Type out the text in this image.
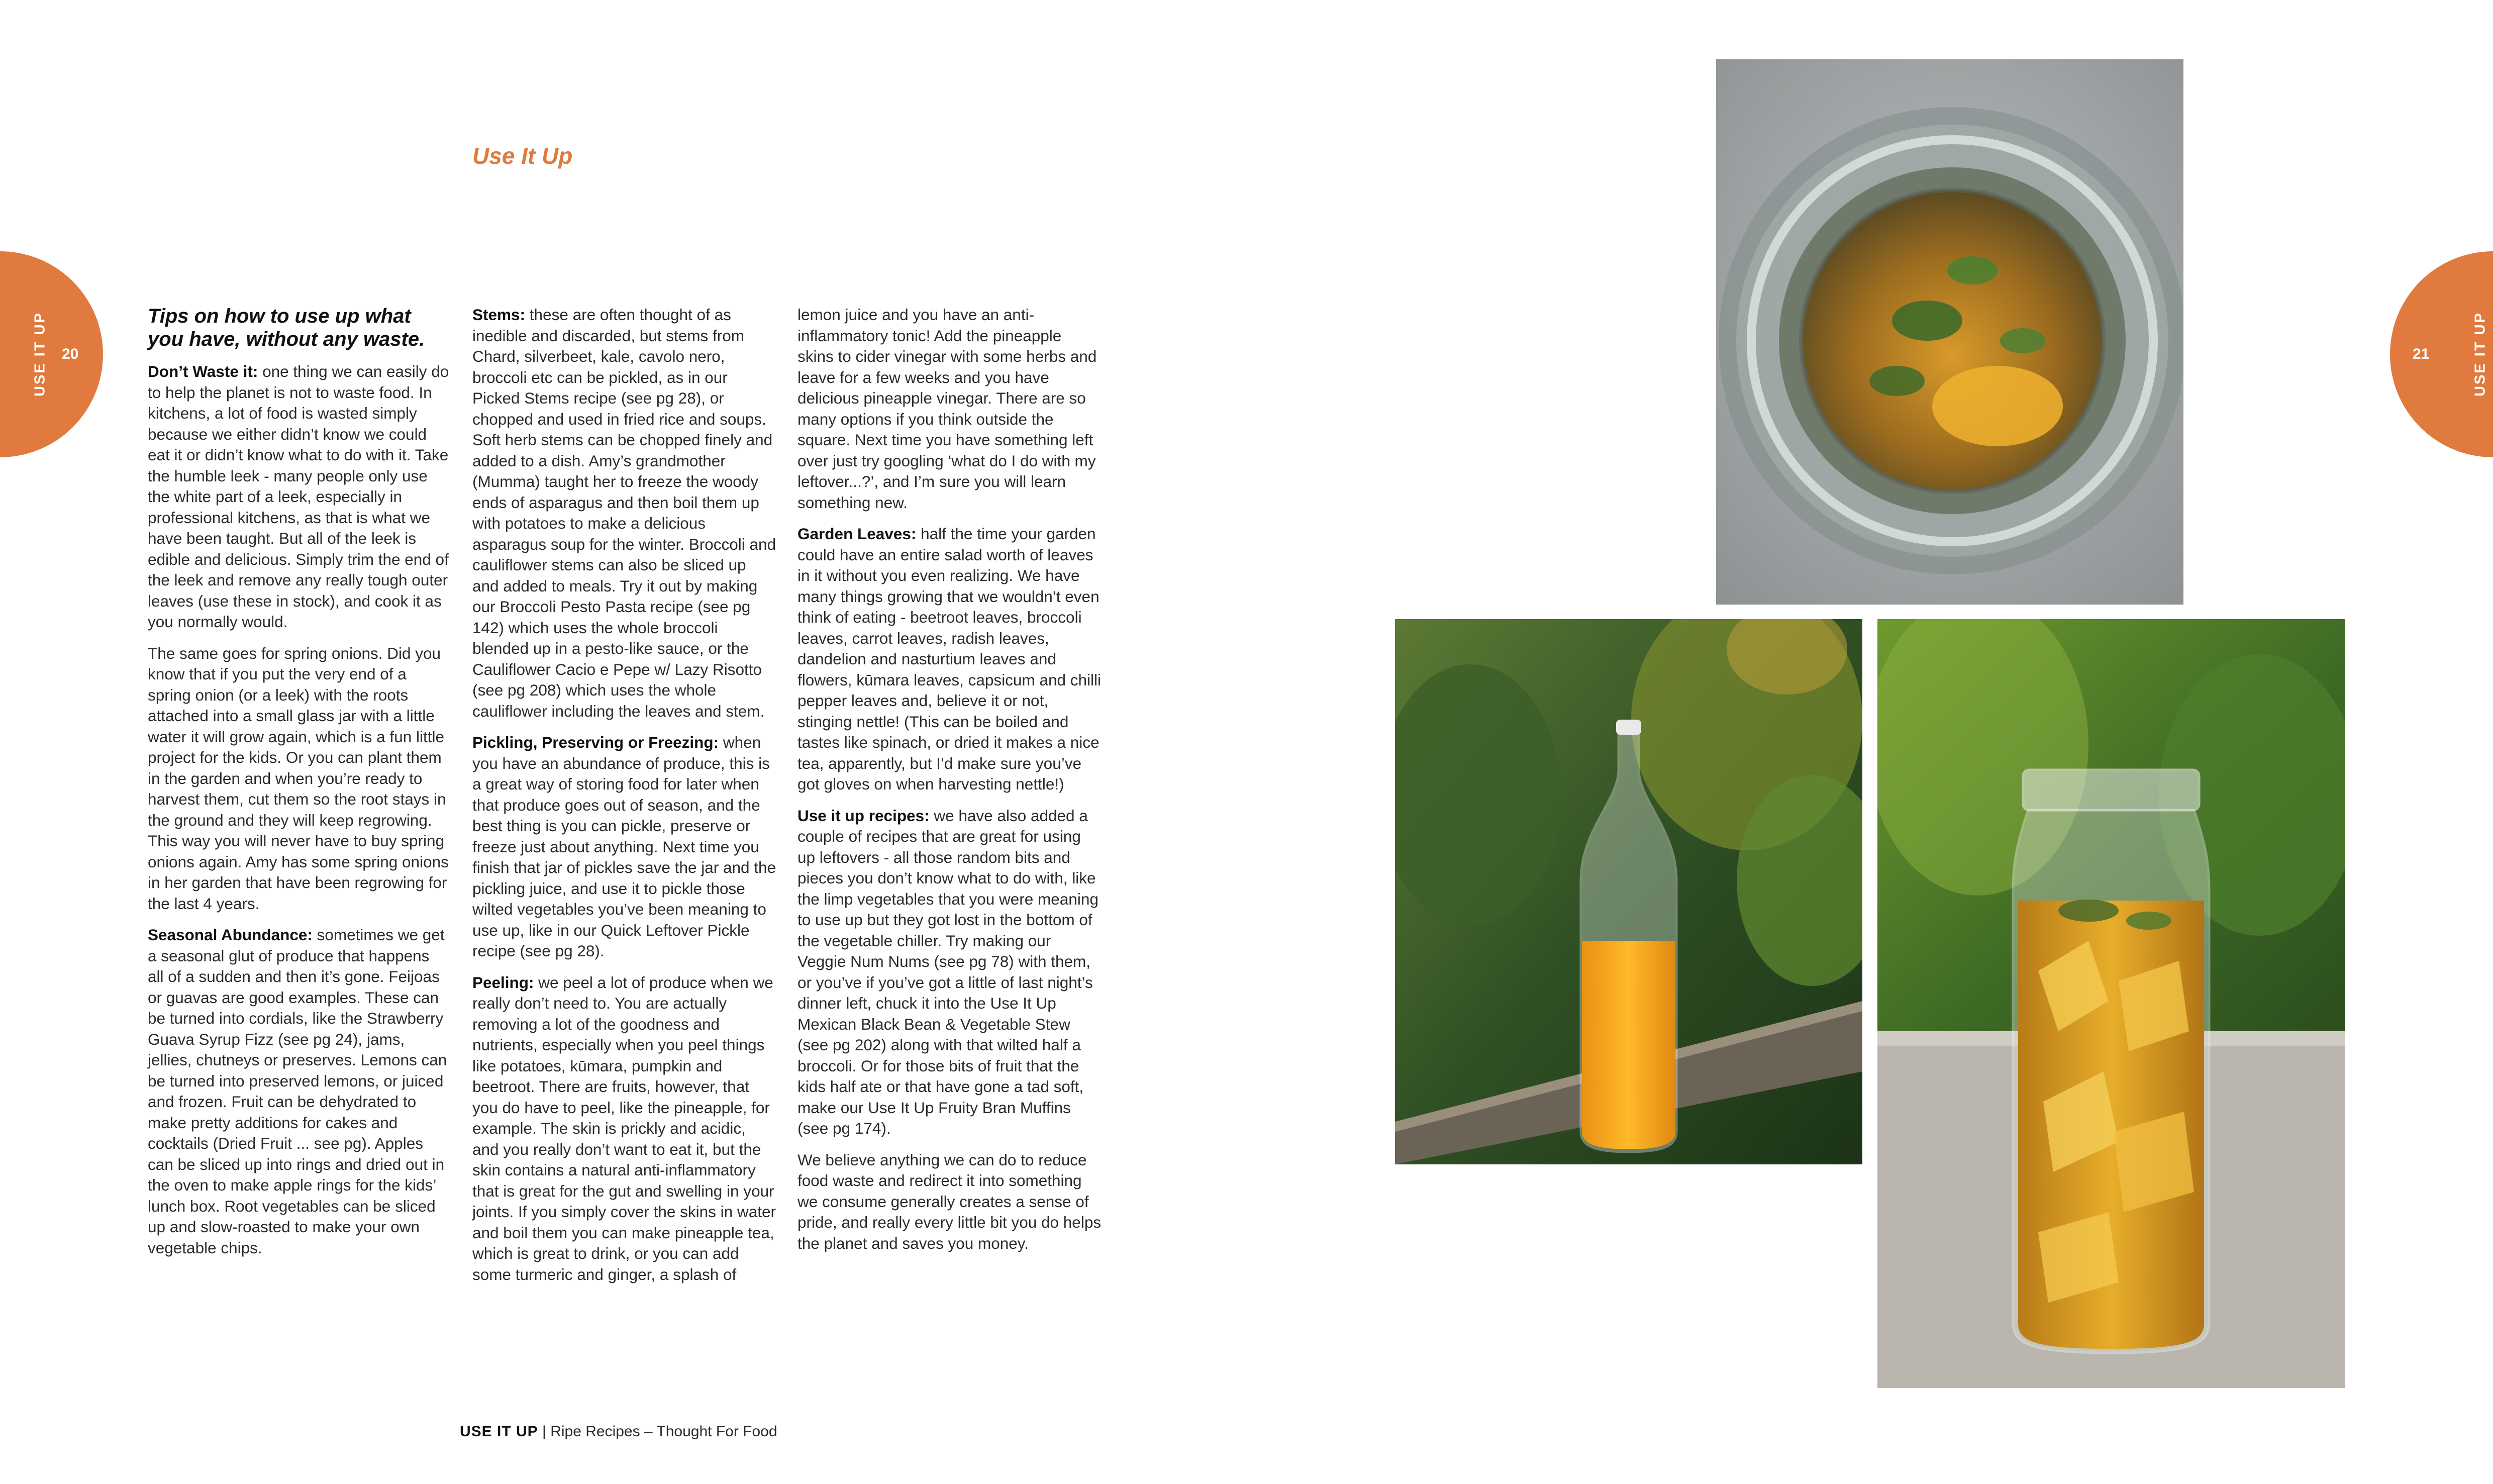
USE IT UP 20	21	USE IT UP
Use It Up

Tips on how to use up what you have, without any waste.

Don’t Waste it: one thing we can easily do to help the planet is not to waste food. In kitchens, a lot of food is wasted simply because we either didn’t know we could eat it or didn’t know what to do with it. Take the humble leek - many people only use the white part of a leek, especially in professional kitchens, as that is what we have been taught. But all of the leek is edible and delicious. Simply trim the end of the leek and remove any really tough outer leaves (use these in stock), and cook it as you normally would.

The same goes for spring onions. Did you know that if you put the very end of a spring onion (or a leek) with the roots attached into a small glass jar with a little water it will grow again, which is a fun little project for the kids. Or you can plant them in the garden and when you’re ready to harvest them, cut them so the root stays in the ground and they will keep regrowing. This way you will never have to buy spring onions again. Amy has some spring onions in her garden that have been regrowing for the last 4 years.

Seasonal Abundance: sometimes we get a seasonal glut of produce that happens all of a sudden and then it’s gone. Feijoas or guavas are good examples. These can be turned into cordials, like the Strawberry Guava Syrup Fizz (see pg 24), jams, jellies, chutneys or preserves. Lemons can be turned into preserved lemons, or juiced and frozen. Fruit can be dehydrated to make pretty additions for cakes and cocktails (Dried Fruit ... see pg). Apples can be sliced up into rings and dried out in the oven to make apple rings for the kids’ lunch box. Root vegetables can be sliced up and slow-roasted to make your own vegetable chips.

Stems: these are often thought of as inedible and discarded, but stems from Chard, silverbeet, kale, cavolo nero, broccoli etc can be pickled, as in our Picked Stems recipe (see pg 28), or chopped and used in fried rice and soups. Soft herb stems can be chopped finely and added to a dish. Amy’s grandmother (Mumma) taught her to freeze the woody ends of asparagus and then boil them up with potatoes to make a delicious asparagus soup for the winter. Broccoli and cauliflower stems can also be sliced up and added to meals. Try it out by making our Broccoli Pesto Pasta recipe (see pg 142) which uses the whole broccoli blended up in a pesto-like sauce, or the Cauliflower Cacio e Pepe w/ Lazy Risotto (see pg 208) which uses the whole cauliflower including the leaves and stem.

Pickling, Preserving or Freezing: when you have an abundance of produce, this is a great way of storing food for later when that produce goes out of season, and the best thing is you can pickle, preserve or freeze just about anything. Next time you finish that jar of pickles save the jar and the pickling juice, and use it to pickle those wilted vegetables you’ve been meaning to use up, like in our Quick Leftover Pickle recipe (see pg 28).

Peeling: we peel a lot of produce when we really don’t need to. You are actually removing a lot of the goodness and nutrients, especially when you peel things like potatoes, kūmara, pumpkin and beetroot. There are fruits, however, that you do have to peel, like the pineapple, for example. The skin is prickly and acidic, and you really don’t want to eat it, but the skin contains a natural anti-inflammatory that is great for the gut and swelling in your joints. If you simply cover the skins in water and boil them you can make pineapple tea, which is great to drink, or you can add some turmeric and ginger, a splash of

lemon juice and you have an anti-inflammatory tonic! Add the pineapple skins to cider vinegar with some herbs and leave for a few weeks and you have delicious pineapple vinegar. There are so many options if you think outside the square. Next time you have something left over just try googling ‘what do I do with my leftover...?’, and I’m sure you will learn something new.

Garden Leaves: half the time your garden could have an entire salad worth of leaves in it without you even realizing. We have many things growing that we wouldn’t even think of eating - beetroot leaves, broccoli leaves, carrot leaves, radish leaves, dandelion and nasturtium leaves and flowers, kūmara leaves, capsicum and chilli pepper leaves and, believe it or not, stinging nettle! (This can be boiled and tastes like spinach, or dried it makes a nice tea, apparently, but I’d make sure you’ve got gloves on when harvesting nettle!)

Use it up recipes: we have also added a couple of recipes that are great for using up leftovers - all those random bits and pieces you don’t know what to do with, like the limp vegetables that you were meaning to use up but they got lost in the bottom of the vegetable chiller. Try making our Veggie Num Nums (see pg 78) with them, or you’ve if you’ve got a little of last night’s dinner left, chuck it into the Use It Up Mexican Black Bean & Vegetable Stew (see pg 202) along with that wilted half a broccoli. Or for those bits of fruit that the kids half ate or that have gone a tad soft, make our Use It Up Fruity Bran Muffins (see pg 174).

We believe anything we can do to reduce food waste and redirect it into something we consume generally creates a sense of pride, and really every little bit you do helps the planet and saves you money.

USE IT UP | Ripe Recipes – Thought For Food
